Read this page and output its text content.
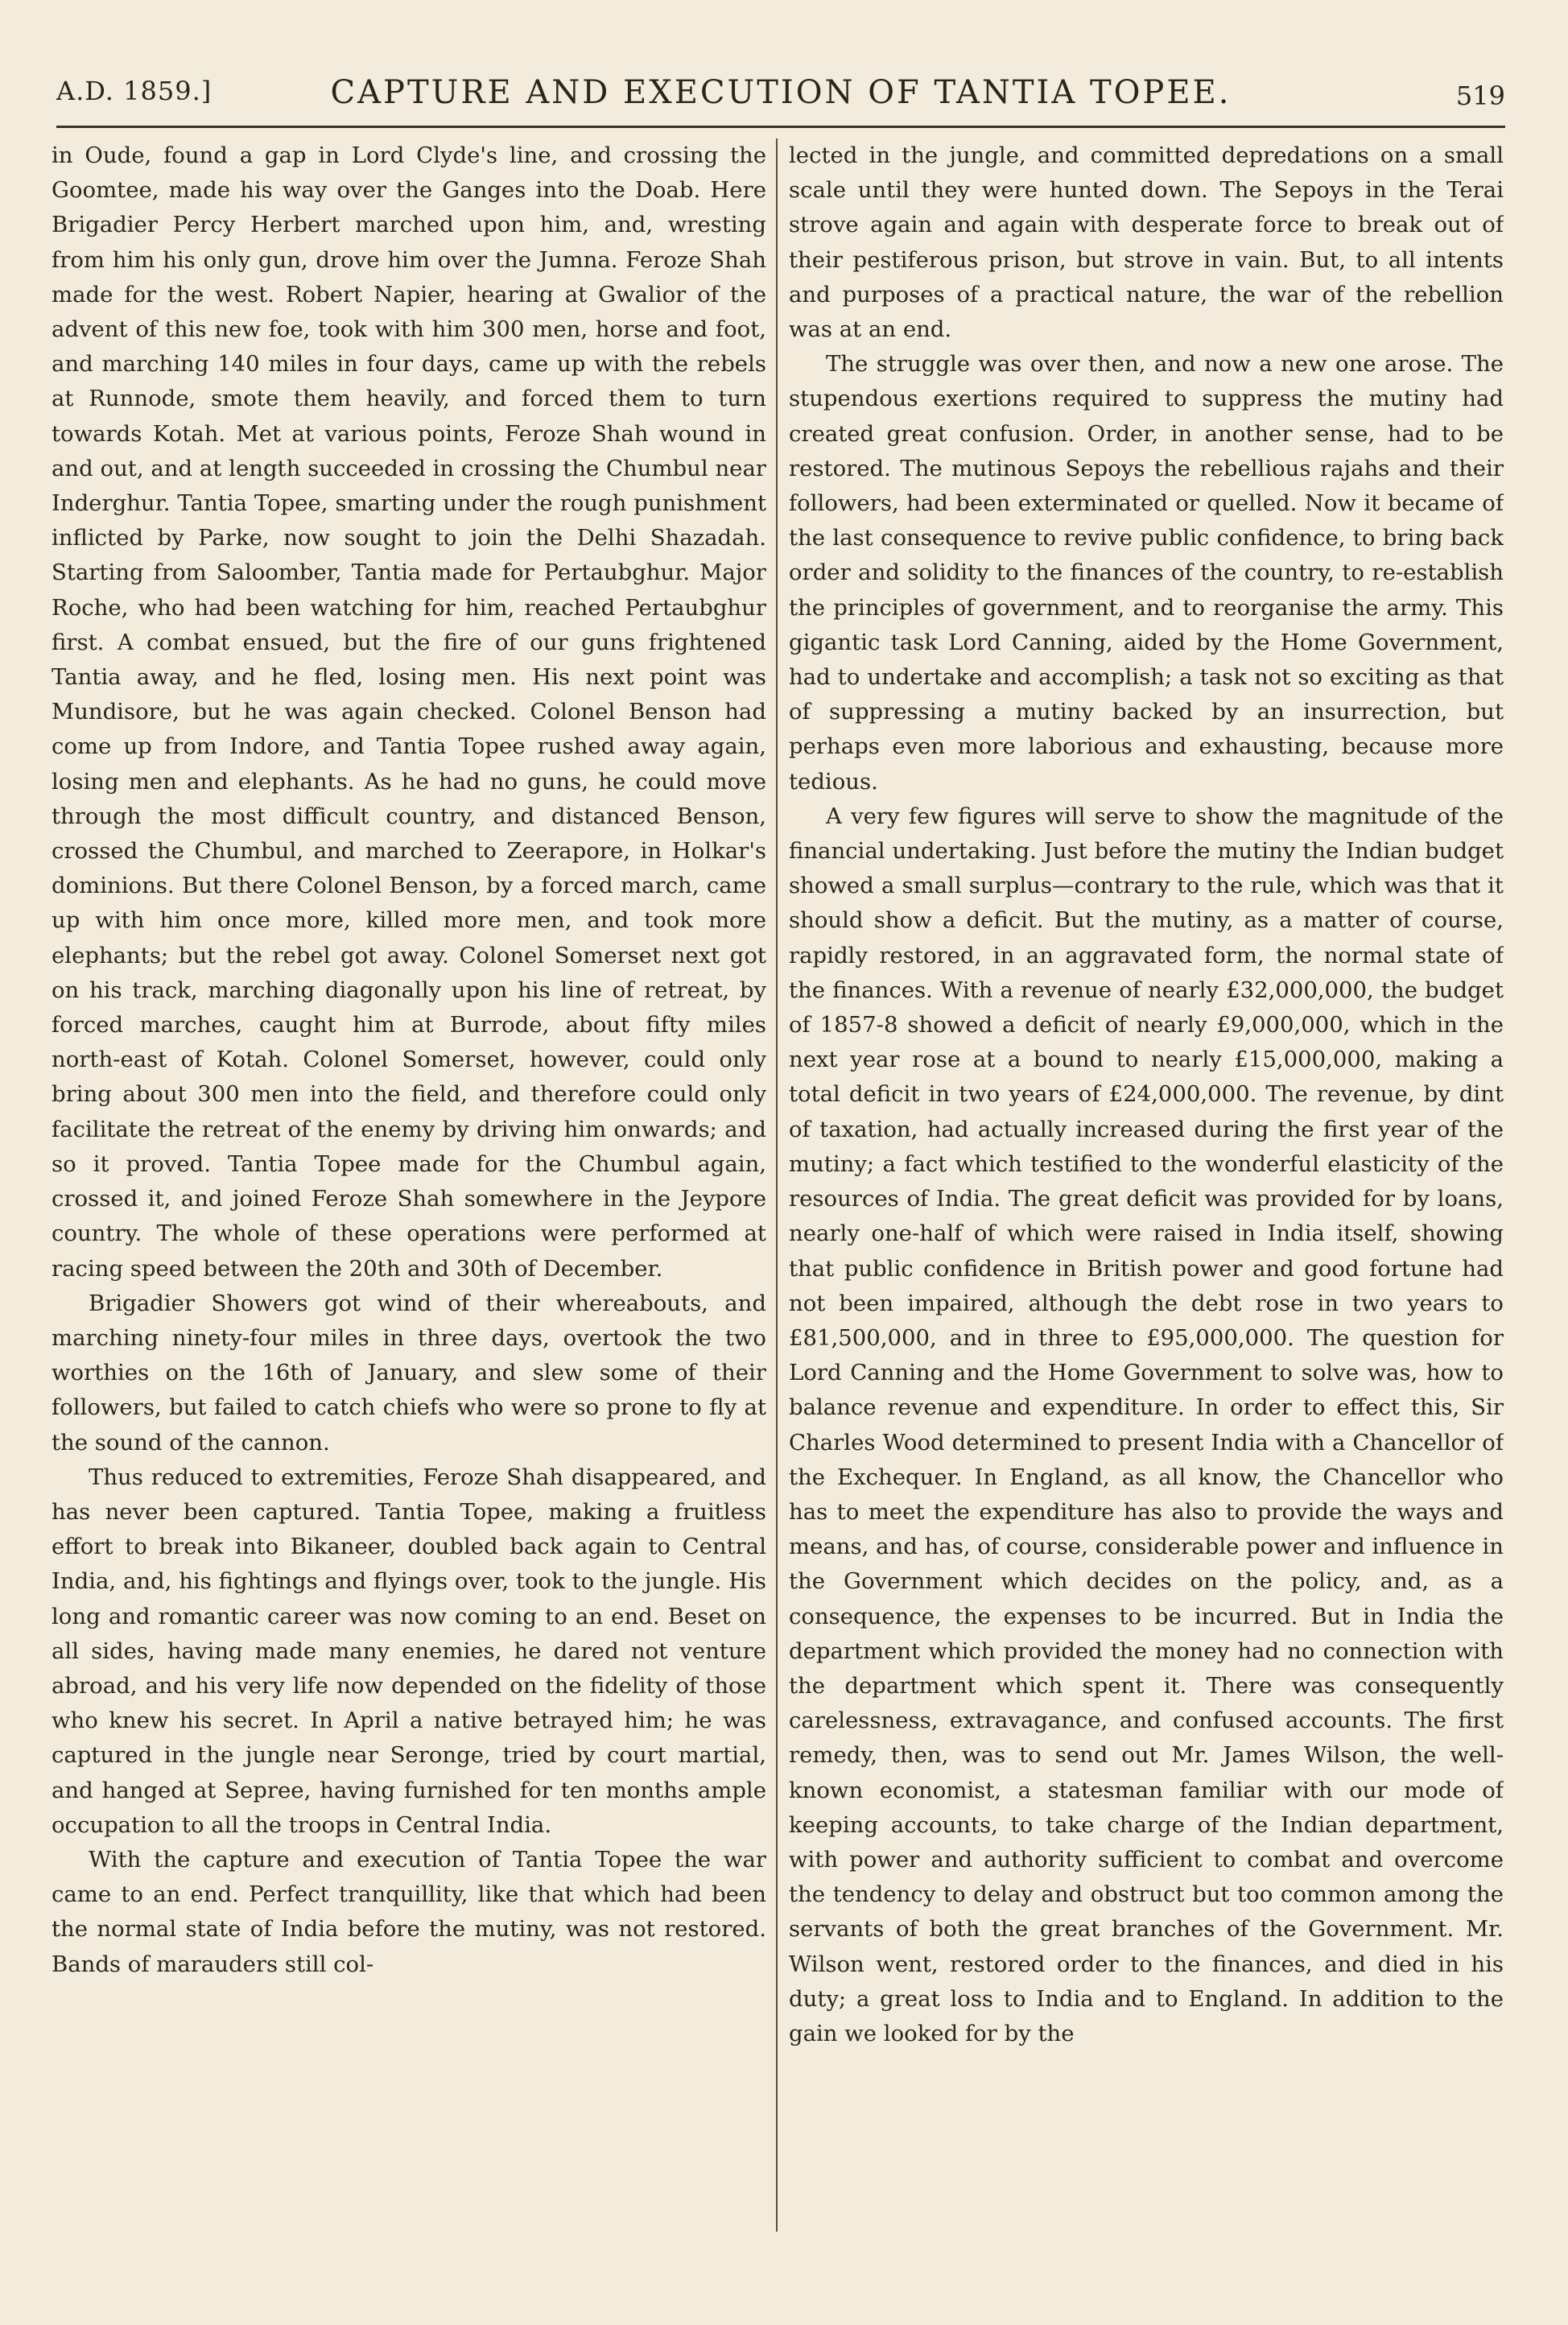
A.D. 1859.]	CAPTURE AND EXECUTION OF TANTIA TOPEE.	519

in Oude, found a gap in Lord Clyde's line, and crossing the Goomtee, made his way over the Ganges into the Doab. Here Brigadier Percy Herbert marched upon him, and, wresting from him his only gun, drove him over the Jumna. Feroze Shah made for the west. Robert Napier, hearing at Gwalior of the advent of this new foe, took with him 300 men, horse and foot, and marching 140 miles in four days, came up with the rebels at Runnode, smote them heavily, and forced them to turn towards Kotah. Met at various points, Feroze Shah wound in and out, and at length succeeded in crossing the Chumbul near Inderghur. Tantia Topee, smarting under the rough punishment inflicted by Parke, now sought to join the Delhi Shazadah. Starting from Saloomber, Tantia made for Pertaubghur. Major Roche, who had been watching for him, reached Pertaubghur first. A combat ensued, but the fire of our guns frightened Tantia away, and he fled, losing men. His next point was Mundisore, but he was again checked. Colonel Benson had come up from Indore, and Tantia Topee rushed away again, losing men and elephants. As he had no guns, he could move through the most difficult country, and distanced Benson, crossed the Chumbul, and marched to Zeerapore, in Holkar's dominions. But there Colonel Benson, by a forced march, came up with him once more, killed more men, and took more elephants; but the rebel got away. Colonel Somerset next got on his track, marching diagonally upon his line of retreat, by forced marches, caught him at Burrode, about fifty miles north-east of Kotah. Colonel Somerset, however, could only bring about 300 men into the field, and therefore could only facilitate the retreat of the enemy by driving him onwards; and so it proved. Tantia Topee made for the Chumbul again, crossed it, and joined Feroze Shah somewhere in the Jeypore country. The whole of these operations were performed at racing speed between the 20th and 30th of December.

Brigadier Showers got wind of their whereabouts, and marching ninety-four miles in three days, overtook the two worthies on the 16th of January, and slew some of their followers, but failed to catch chiefs who were so prone to fly at the sound of the cannon.

Thus reduced to extremities, Feroze Shah disappeared, and has never been captured. Tantia Topee, making a fruitless effort to break into Bikaneer, doubled back again to Central India, and, his fightings and flyings over, took to the jungle. His long and romantic career was now coming to an end. Beset on all sides, having made many enemies, he dared not venture abroad, and his very life now depended on the fidelity of those who knew his secret. In April a native betrayed him; he was captured in the jungle near Seronge, tried by court martial, and hanged at Sepree, having furnished for ten months ample occupation to all the troops in Central India.

With the capture and execution of Tantia Topee the war came to an end. Perfect tranquillity, like that which had been the normal state of India before the mutiny, was not restored. Bands of marauders still col-

lected in the jungle, and committed depredations on a small scale until they were hunted down. The Sepoys in the Terai strove again and again with desperate force to break out of their pestiferous prison, but strove in vain. But, to all intents and purposes of a practical nature, the war of the rebellion was at an end.

The struggle was over then, and now a new one arose. The stupendous exertions required to suppress the mutiny had created great confusion. Order, in another sense, had to be restored. The mutinous Sepoys the rebellious rajahs and their followers, had been exterminated or quelled. Now it became of the last consequence to revive public confidence, to bring back order and solidity to the finances of the country, to re-establish the principles of government, and to reorganise the army. This gigantic task Lord Canning, aided by the Home Government, had to undertake and accomplish; a task not so exciting as that of suppressing a mutiny backed by an insurrection, but perhaps even more laborious and exhausting, because more tedious.

A very few figures will serve to show the magnitude of the financial undertaking. Just before the mutiny the Indian budget showed a small surplus—contrary to the rule, which was that it should show a deficit. But the mutiny, as a matter of course, rapidly restored, in an aggravated form, the normal state of the finances. With a revenue of nearly £32,000,000, the budget of 1857-8 showed a deficit of nearly £9,000,000, which in the next year rose at a bound to nearly £15,000,000, making a total deficit in two years of £24,000,000. The revenue, by dint of taxation, had actually increased during the first year of the mutiny; a fact which testified to the wonderful elasticity of the resources of India. The great deficit was provided for by loans, nearly one-half of which were raised in India itself, showing that public confidence in British power and good fortune had not been impaired, although the debt rose in two years to £81,500,000, and in three to £95,000,000. The question for Lord Canning and the Home Government to solve was, how to balance revenue and expenditure. In order to effect this, Sir Charles Wood determined to present India with a Chancellor of the Exchequer. In England, as all know, the Chancellor who has to meet the expenditure has also to provide the ways and means, and has, of course, considerable power and influence in the Government which decides on the policy, and, as a consequence, the expenses to be incurred. But in India the department which provided the money had no connection with the department which spent it. There was consequently carelessness, extravagance, and confused accounts. The first remedy, then, was to send out Mr. James Wilson, the well-known economist, a statesman familiar with our mode of keeping accounts, to take charge of the Indian department, with power and authority sufficient to combat and overcome the tendency to delay and obstruct but too common among the servants of both the great branches of the Government. Mr. Wilson went, restored order to the finances, and died in his duty; a great loss to India and to England. In addition to the gain we looked for by the
